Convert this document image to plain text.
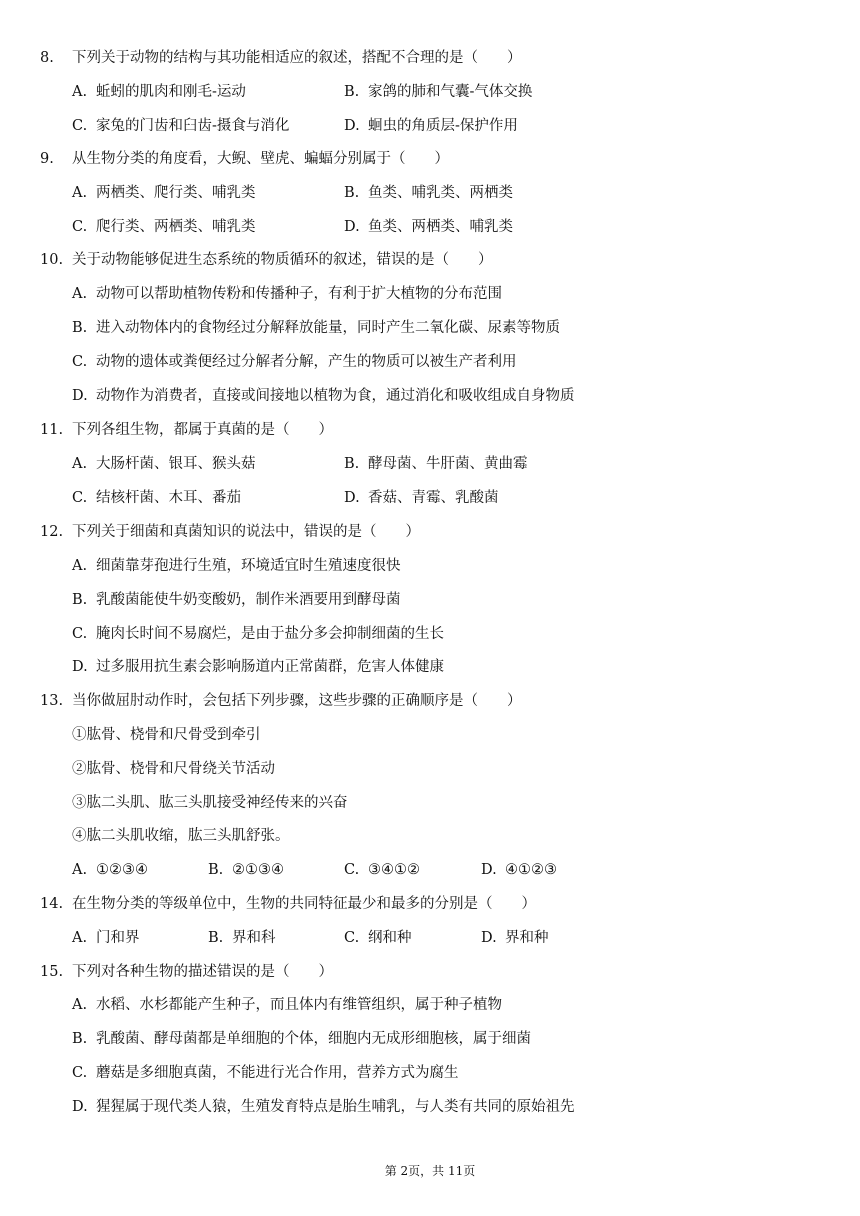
8. 下列关于动物的结构与其功能相适应的叙述，搭配不合理的是（　　）
A. 蚯蚓的肌肉和刚毛-运动	B. 家鸽的肺和气囊-气体交换
C. 家兔的门齿和臼齿-摄食与消化	D. 蛔虫的角质层-保护作用
9. 从生物分类的角度看，大鲵、壁虎、蝙蝠分别属于（　　）
A. 两栖类、爬行类、哺乳类	B. 鱼类、哺乳类、两栖类
C. 爬行类、两栖类、哺乳类	D. 鱼类、两栖类、哺乳类
10. 关于动物能够促进生态系统的物质循环的叙述，错误的是（　　）
A. 动物可以帮助植物传粉和传播种子，有利于扩大植物的分布范围
B. 进入动物体内的食物经过分解释放能量，同时产生二氧化碳、尿素等物质
C. 动物的遗体或粪便经过分解者分解，产生的物质可以被生产者利用
D. 动物作为消费者，直接或间接地以植物为食，通过消化和吸收组成自身物质
11. 下列各组生物，都属于真菌的是（　　）
A. 大肠杆菌、银耳、猴头菇	B. 酵母菌、牛肝菌、黄曲霉
C. 结核杆菌、木耳、番茄	D. 香菇、青霉、乳酸菌
12. 下列关于细菌和真菌知识的说法中，错误的是（　　）
A. 细菌靠芽孢进行生殖，环境适宜时生殖速度很快
B. 乳酸菌能使牛奶变酸奶，制作米酒要用到酵母菌
C. 腌肉长时间不易腐烂，是由于盐分多会抑制细菌的生长
D. 过多服用抗生素会影响肠道内正常菌群，危害人体健康
13. 当你做屈肘动作时，会包括下列步骤，这些步骤的正确顺序是（　　）
①肱骨、桡骨和尺骨受到牵引
②肱骨、桡骨和尺骨绕关节活动
③肱二头肌、肱三头肌接受神经传来的兴奋
④肱二头肌收缩，肱三头肌舒张。
A. ①②③④	B. ②①③④	C. ③④①②	D. ④①②③
14. 在生物分类的等级单位中，生物的共同特征最少和最多的分别是（　　）
A. 门和界	B. 界和科	C. 纲和种	D. 界和种
15. 下列对各种生物的描述错误的是（　　）
A. 水稻、水杉都能产生种子，而且体内有维管组织，属于种子植物
B. 乳酸菌、酵母菌都是单细胞的个体，细胞内无成形细胞核，属于细菌
C. 蘑菇是多细胞真菌，不能进行光合作用，营养方式为腐生
D. 猩猩属于现代类人猿，生殖发育特点是胎生哺乳，与人类有共同的原始祖先
第 2页，共 11页
